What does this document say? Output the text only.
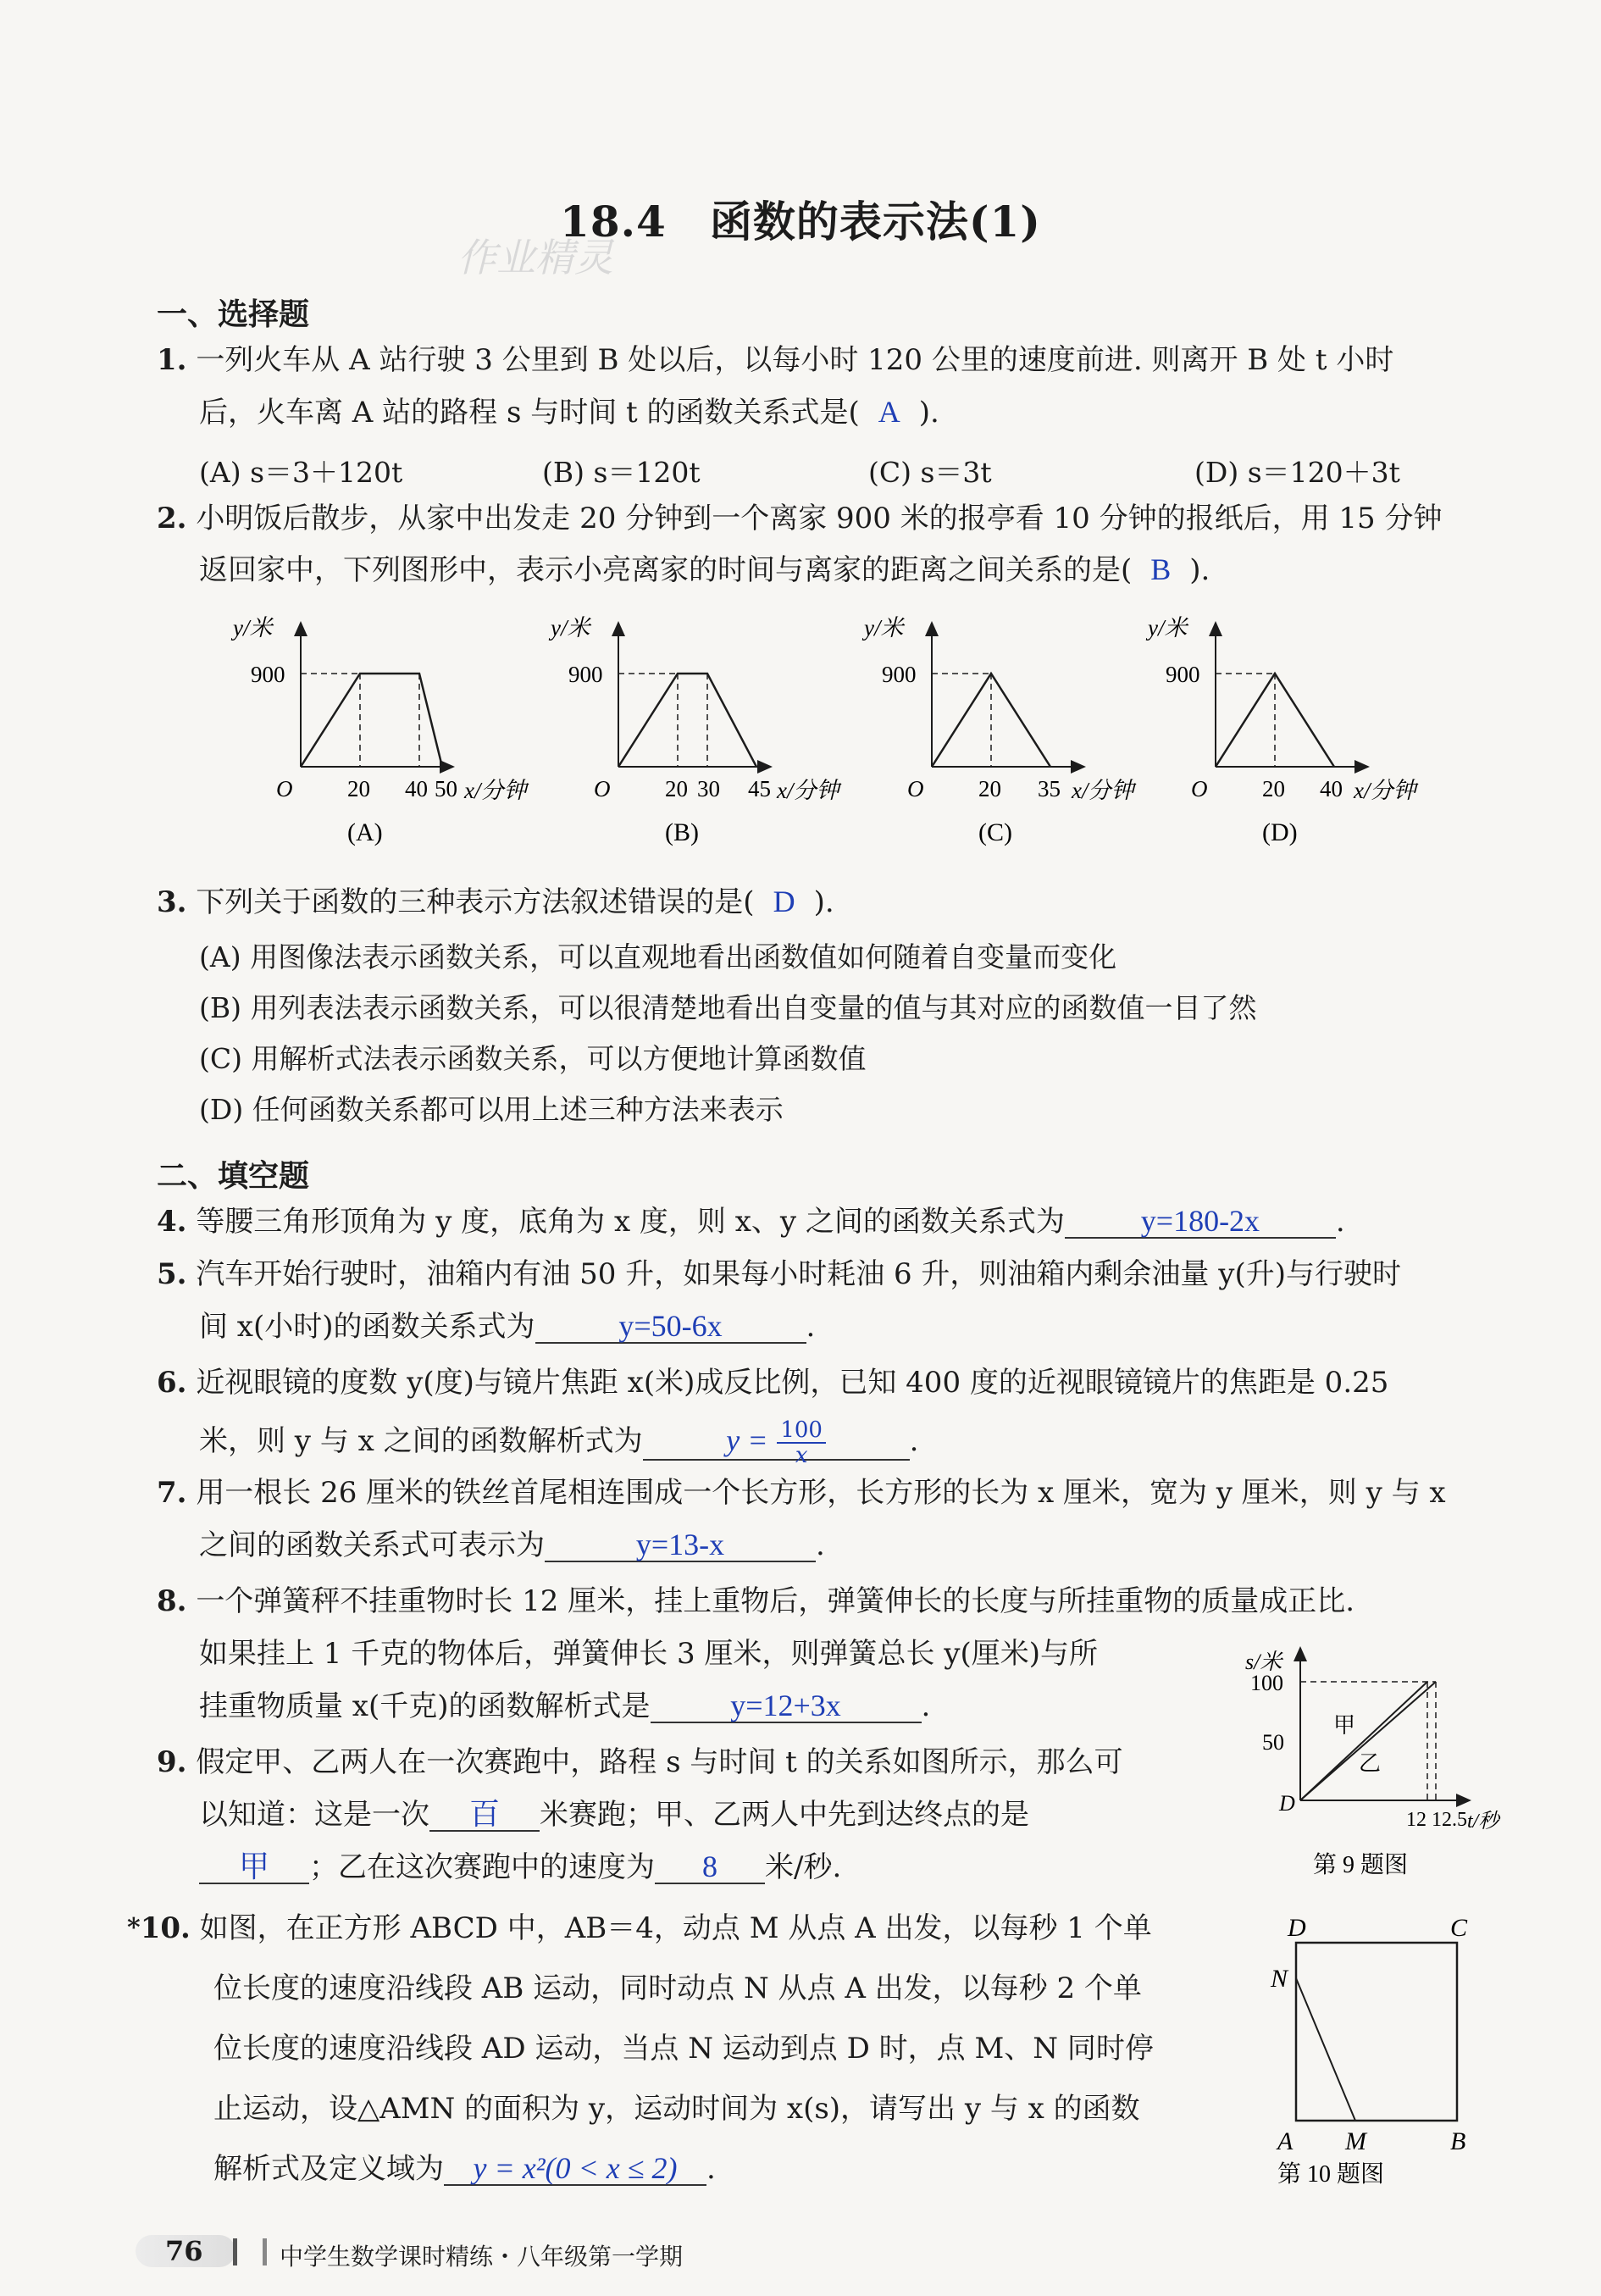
18.4　函数的表示法(1)
作业精灵
一、选择题
1. 一列火车从 A 站行驶 3 公里到 B 处以后，以每小时 120 公里的速度前进. 则离开 B 处 t 小时
后，火车离 A 站的路程 s 与时间 t 的函数关系式是( A ).
(A) s＝3＋120t	(B) s＝120t	(C) s＝3t	(D) s＝120＋3t
2. 小明饭后散步，从家中出发走 20 分钟到一个离家 900 米的报亭看 10 分钟的报纸后，用 15 分钟
返回家中，下列图形中，表示小亮离家的时间与离家的距离之间关系的是( B ).
y/米
900
O 20 40 50 x/分钟
(A)
y/米
900
O 20 30 45 x/分钟
(B)
y/米
900
O 20 35 x/分钟
(C)
y/米
900
O 20 40 x/分钟
(D)
3. 下列关于函数的三种表示方法叙述错误的是( D ).
(A) 用图像法表示函数关系，可以直观地看出函数值如何随着自变量而变化
(B) 用列表法表示函数关系，可以很清楚地看出自变量的值与其对应的函数值一目了然
(C) 用解析式法表示函数关系，可以方便地计算函数值
(D) 任何函数关系都可以用上述三种方法来表示
二、填空题
4. 等腰三角形顶角为 y 度，底角为 x 度，则 x、y 之间的函数关系式为 y=180-2x	.
5. 汽车开始行驶时，油箱内有油 50 升，如果每小时耗油 6 升，则油箱内剩余油量 y(升)与行驶时
间 x(小时)的函数关系式为	y=50-6x	.
6. 近视眼镜的度数 y(度)与镜片焦距 x(米)成反比例，已知 400 度的近视眼镜镜片的焦距是 0.25
米，则 y 与 x 之间的函数解析式为	$y = \frac{100}{x}$	.
7. 用一根长 26 厘米的铁丝首尾相连围成一个长方形，长方形的长为 x 厘米，宽为 y 厘米，则 y 与 x
之间的函数关系式可表示为	y=13-x	.
8. 一个弹簧秤不挂重物时长 12 厘米，挂上重物后，弹簧伸长的长度与所挂重物的质量成正比.
如果挂上 1 千克的物体后，弹簧伸长 3 厘米，则弹簧总长 y(厘米)与所
挂重物质量 x(千克)的函数解析式是	y=12+3x	.
9. 假定甲、乙两人在一次赛跑中，路程 s 与时间 t 的关系如图所示，那么可
以知道：这是一次 百 米赛跑；甲、乙两人中先到达终点的是
甲 ；乙在这次赛跑中的速度为 8 米/秒.
s/米
100
50
D
甲
乙
12 12.5 t/秒
第 9 题图
*10. 如图，在正方形 ABCD 中，AB＝4，动点 M 从点 A 出发，以每秒 1 个单
位长度的速度沿线段 AB 运动，同时动点 N 从点 A 出发，以每秒 2 个单
位长度的速度沿线段 AD 运动，当点 N 运动到点 D 时，点 M、N 同时停
止运动，设△AMN 的面积为 y，运动时间为 x(s)，请写出 y 与 x 的函数
解析式及定义域为 y = x²(0 < x ≤ 2) .
D	C
N
A M	B
第 10 题图
76	中学生数学课时精练・八年级第一学期
